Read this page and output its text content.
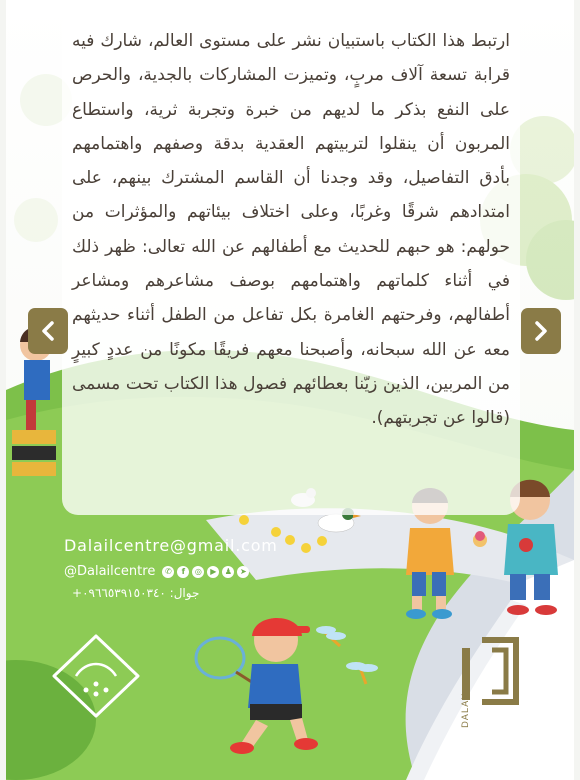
ارتبط هذا الكتاب باستبيان نشر على مستوى العالم، شارك فيه قرابة تسعة آلاف مربٍ، وتميزت المشاركات بالجدية، والحرص على النفع بذكر ما لديهم من خبرة وتجربة ثرية، واستطاع المربون أن ينقلوا لتربيتهم العقدية بدقة وصفهم واهتمامهم بأدق التفاصيل، وقد وجدنا أن القاسم المشترك بينهم، على امتدادهم شرقًا وغربًا، وعلى اختلاف بيئاتهم والمؤثرات من حولهم: هو حبهم للحديث مع أطفالهم عن الله تعالى: ظهر ذلك في أثناء كلماتهم واهتمامهم بوصف مشاعرهم ومشاعر أطفالهم، وفرحتهم الغامرة بكل تفاعل من الطفل أثناء حديثهم معه عن الله سبحانه، وأصبحنا معهم فريقًا مكونًا من عددٍ كبيرٍ من المربين، الذين زيّنا بعطائهم فصول هذا الكتاب تحت مسمى (قالوا عن تجربتهم).

Dalailcentre@gmail.com
@Dalailcentre	✆	f	◎	▶	♟	➤
جوال: ٠٩٦٦٥٣٩١٥٠٣٤٠+
DALAIL
